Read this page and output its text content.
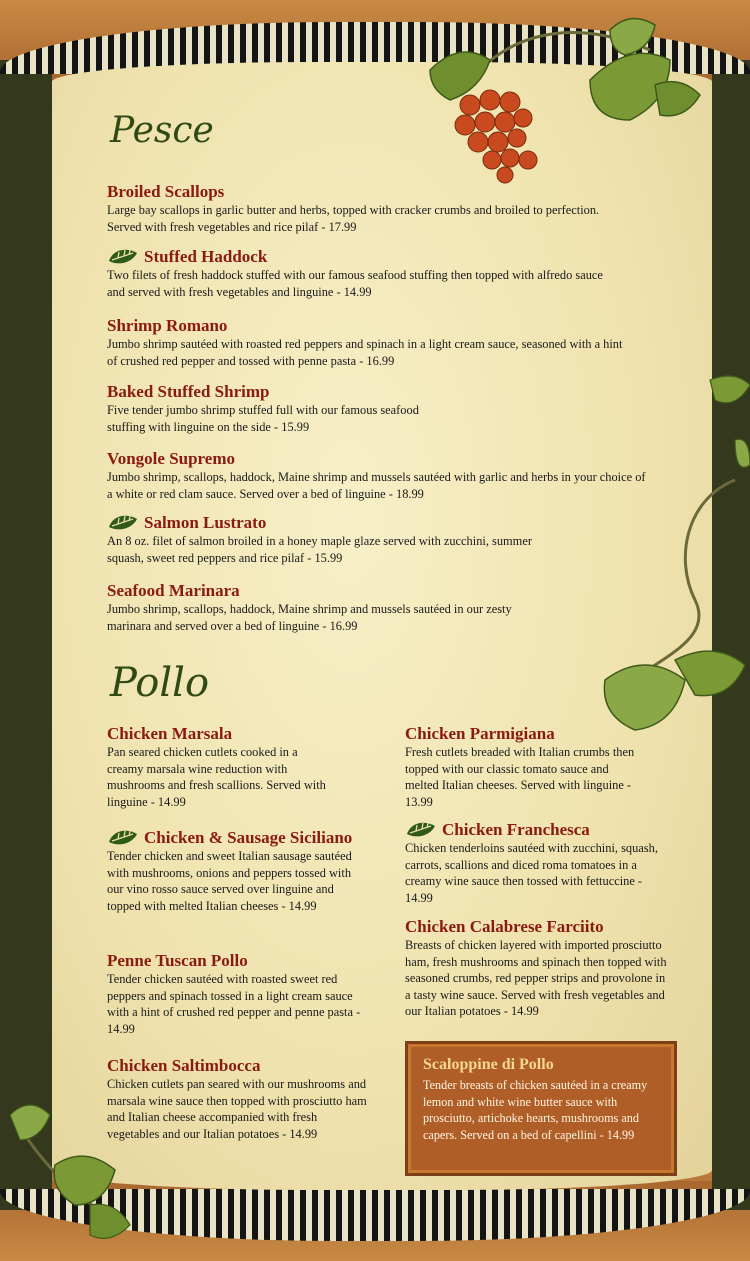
Pesce
Pollo
Broiled Scallops

Large bay scallops in garlic butter and herbs, topped with cracker crumbs and broiled to perfection. Served with fresh vegetables and rice pilaf - 17.99

Stuffed Haddock

Two filets of fresh haddock stuffed with our famous seafood stuffing then topped with alfredo sauce and served with fresh vegetables and linguine - 14.99

Shrimp Romano

Jumbo shrimp sautéed with roasted red peppers and spinach in a light cream sauce, seasoned with a hint of crushed red pepper and tossed with penne pasta - 16.99

Baked Stuffed Shrimp

Five tender jumbo shrimp stuffed full with our famous seafood stuffing with linguine on the side - 15.99

Vongole Supremo

Jumbo shrimp, scallops, haddock, Maine shrimp and mussels sautéed with garlic and herbs in your choice of a white or red clam sauce. Served over a bed of linguine - 18.99

Salmon Lustrato

An 8 oz. filet of salmon broiled in a honey maple glaze served with zucchini, summer squash, sweet red peppers and rice pilaf - 15.99

Seafood Marinara

Jumbo shrimp, scallops, haddock, Maine shrimp and mussels sautéed in our zesty marinara and served over a bed of linguine - 16.99

Chicken Marsala

Pan seared chicken cutlets cooked in a creamy marsala wine reduction with mushrooms and fresh scallions. Served with linguine - 14.99

Chicken & Sausage Siciliano

Tender chicken and sweet Italian sausage sautéed with mushrooms, onions and peppers tossed with our vino rosso sauce served over linguine and topped with melted Italian cheeses - 14.99

Penne Tuscan Pollo

Tender chicken sautéed with roasted sweet red peppers and spinach tossed in a light cream sauce with a hint of crushed red pepper and penne pasta - 14.99

Chicken Saltimbocca

Chicken cutlets pan seared with our mushrooms and marsala wine sauce then topped with prosciutto ham and Italian cheese accompanied with fresh vegetables and our Italian potatoes - 14.99

Chicken Parmigiana

Fresh cutlets breaded with Italian crumbs then topped with our classic tomato sauce and melted Italian cheeses. Served with linguine - 13.99

Chicken Franchesca

Chicken tenderloins sautéed with zucchini, squash, carrots, scallions and diced roma tomatoes in a creamy wine sauce then tossed with fettuccine - 14.99

Chicken Calabrese Farciito

Breasts of chicken layered with imported prosciutto ham, fresh mushrooms and spinach then topped with seasoned crumbs, red pepper strips and provolone in a tasty wine sauce. Served with fresh vegetables and our Italian potatoes - 14.99

Scaloppine di Pollo

Tender breasts of chicken sautéed in a creamy lemon and white wine butter sauce with prosciutto, artichoke hearts, mushrooms and capers. Served on a bed of capellini - 14.99
